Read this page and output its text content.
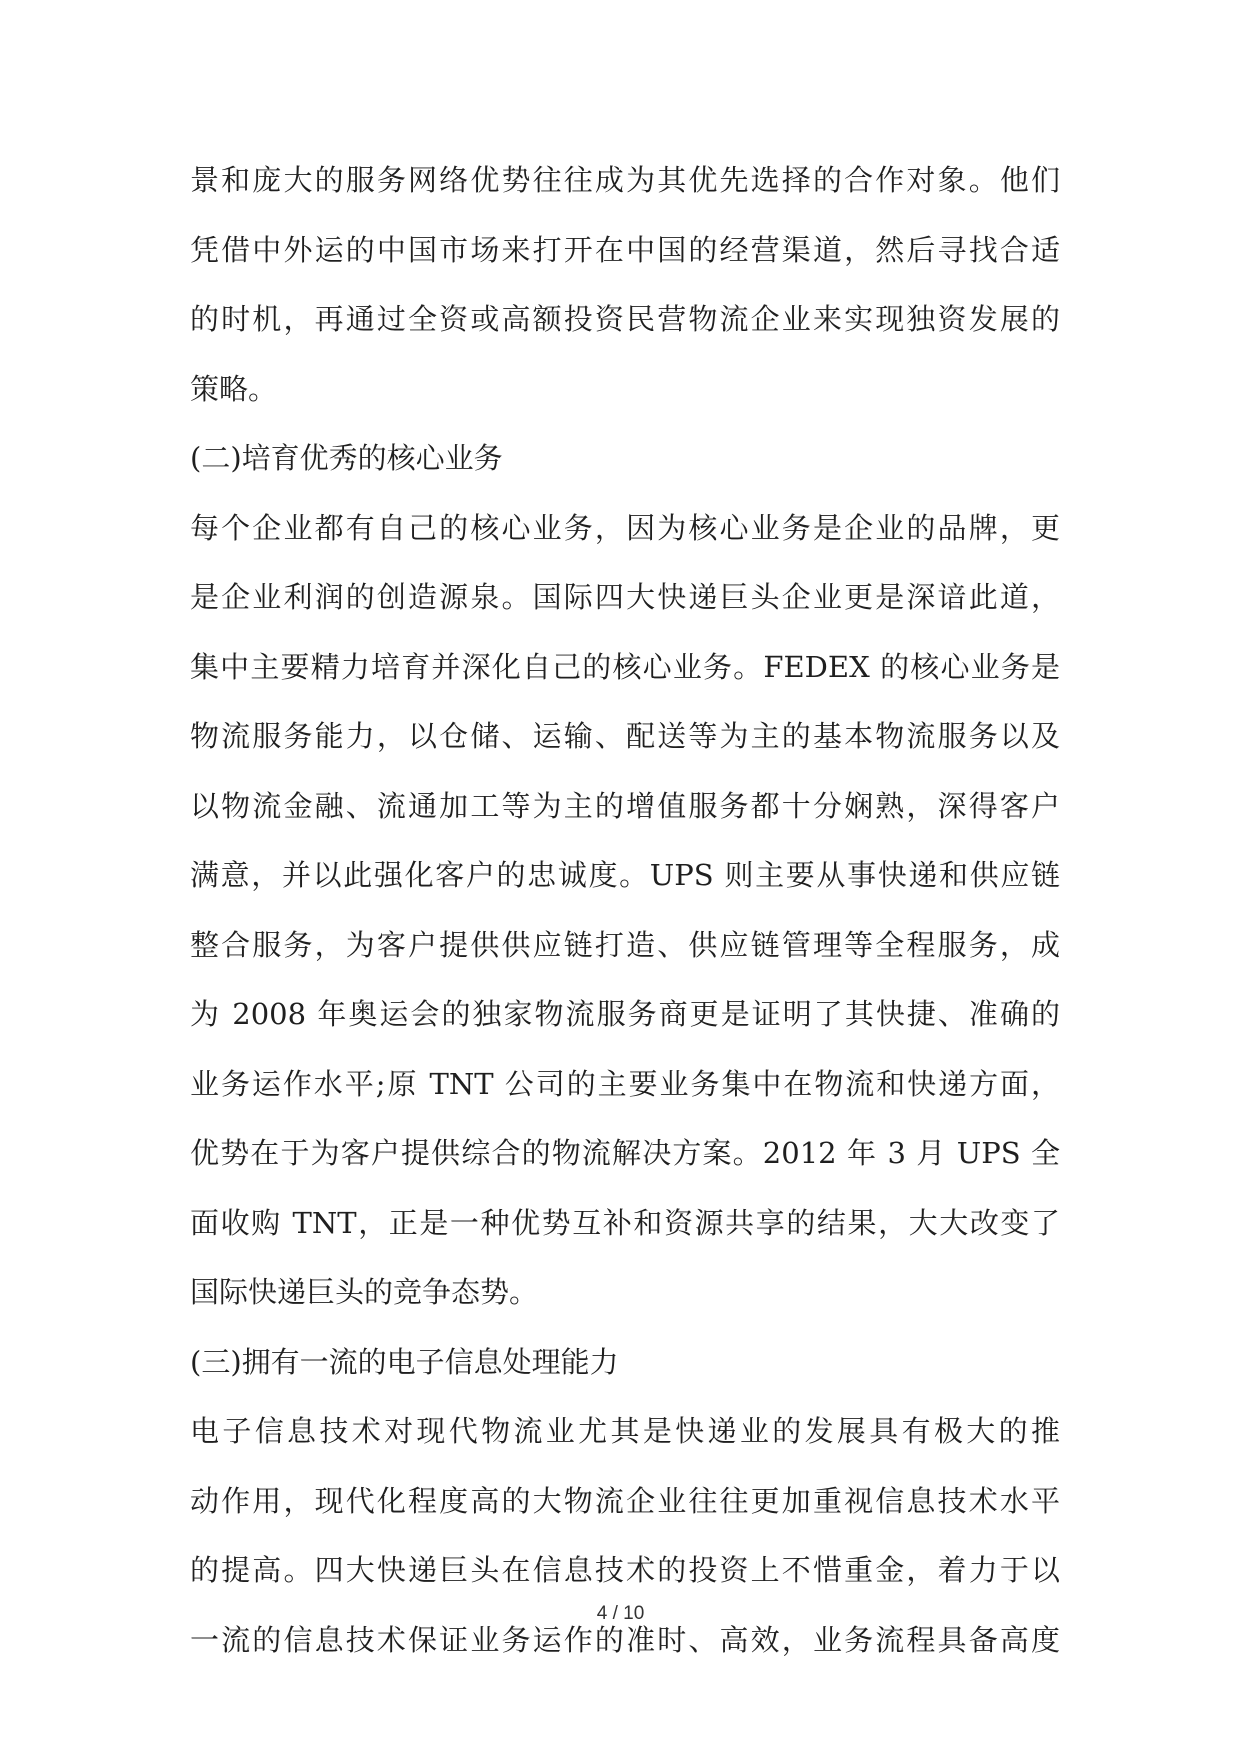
景和庞大的服务网络优势往往成为其优先选择的合作对象。他们
凭借中外运的中国市场来打开在中国的经营渠道，然后寻找合适
的时机，再通过全资或高额投资民营物流企业来实现独资发展的
策略。
(二)培育优秀的核心业务
每个企业都有自己的核心业务，因为核心业务是企业的品牌，更
是企业利润的创造源泉。国际四大快递巨头企业更是深谙此道，
集中主要精力培育并深化自己的核心业务。FEDEX 的核心业务是
物流服务能力，以仓储、运输、配送等为主的基本物流服务以及
以物流金融、流通加工等为主的增值服务都十分娴熟，深得客户
满意，并以此强化客户的忠诚度。UPS 则主要从事快递和供应链
整合服务，为客户提供供应链打造、供应链管理等全程服务，成
为 2008 年奥运会的独家物流服务商更是证明了其快捷、准确的
业务运作水平;原 TNT 公司的主要业务集中在物流和快递方面，
优势在于为客户提供综合的物流解决方案。2012 年 3 月 UPS 全
面收购 TNT，正是一种优势互补和资源共享的结果，大大改变了
国际快递巨头的竞争态势。
(三)拥有一流的电子信息处理能力
电子信息技术对现代物流业尤其是快递业的发展具有极大的推
动作用，现代化程度高的大物流企业往往更加重视信息技术水平
的提高。四大快递巨头在信息技术的投资上不惜重金，着力于以
一流的信息技术保证业务运作的准时、高效，业务流程具备高度
4 / 10
